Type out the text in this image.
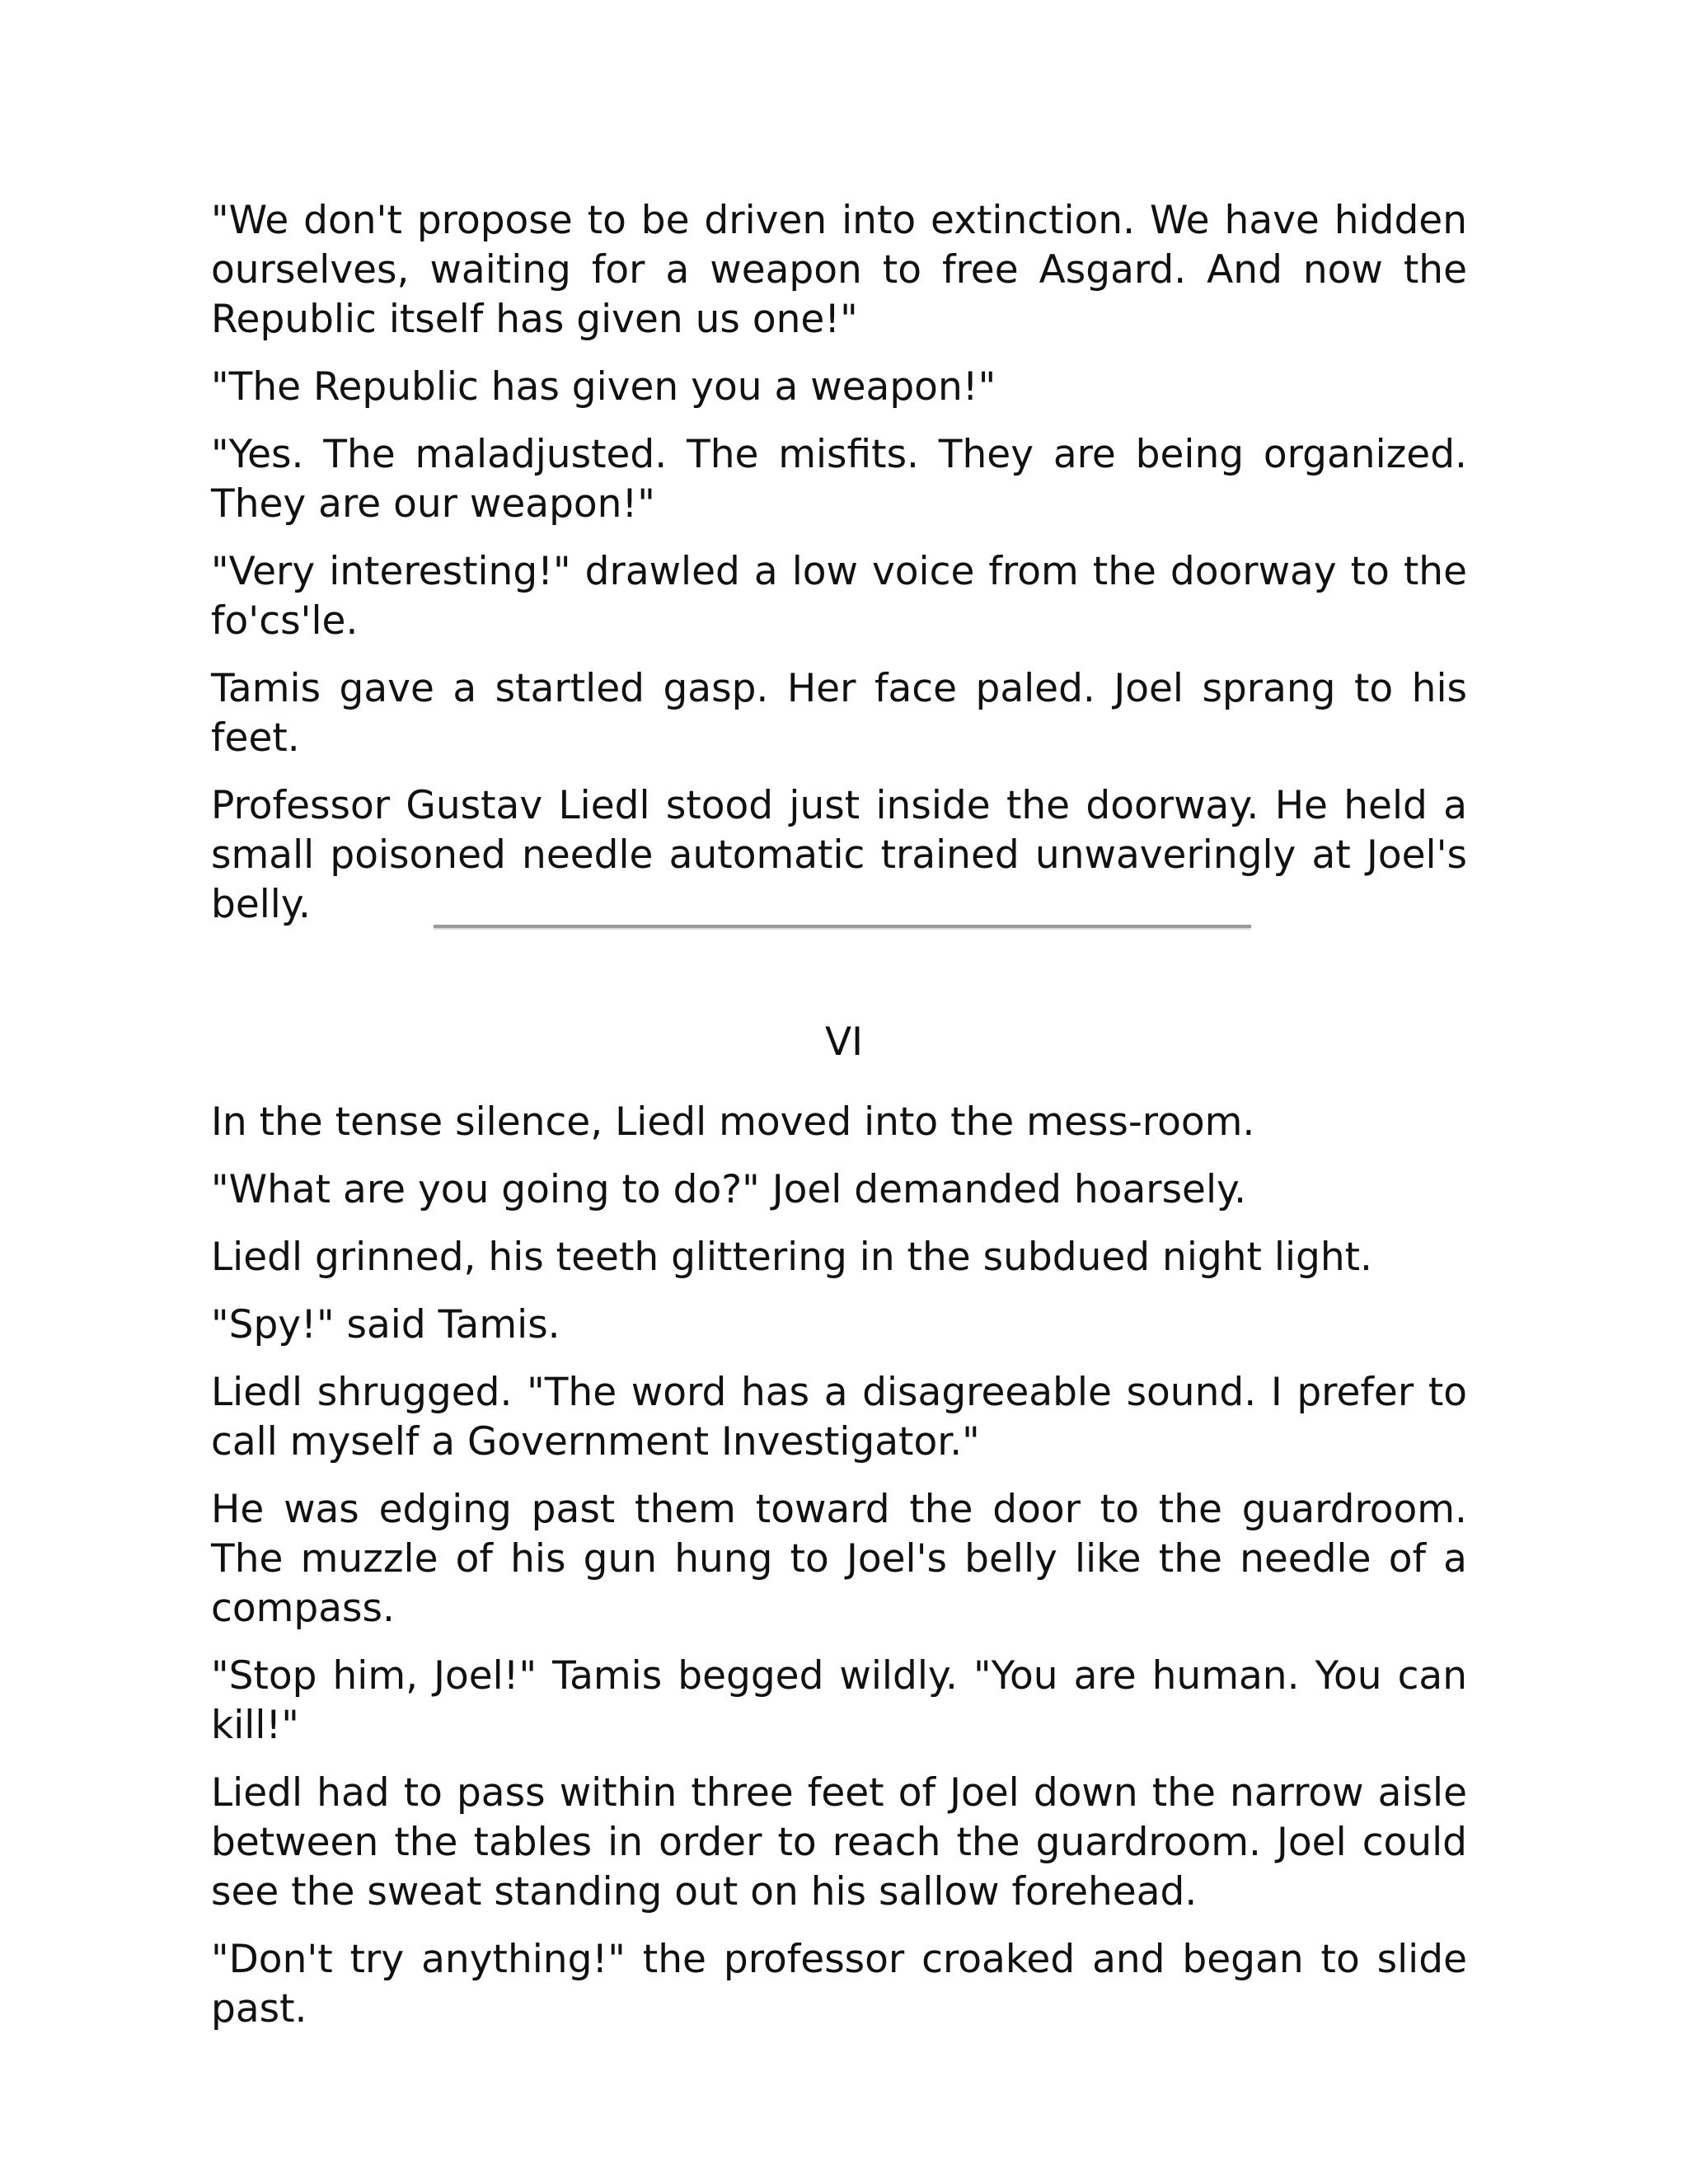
"We don't propose to be driven into extinction. We have hidden ourselves, waiting for a weapon to free Asgard. And now the Republic itself has given us one!"

"The Republic has given you a weapon!"

"Yes. The maladjusted. The misfits. They are being organized. They are our weapon!"

"Very interesting!" drawled a low voice from the doorway to the fo'cs'le.

Tamis gave a startled gasp. Her face paled. Joel sprang to his feet.

Professor Gustav Liedl stood just inside the doorway. He held a small poisoned needle automatic trained unwaveringly at Joel's belly.

VI

In the tense silence, Liedl moved into the mess-room.

"What are you going to do?" Joel demanded hoarsely.

Liedl grinned, his teeth glittering in the subdued night light.

"Spy!" said Tamis.

Liedl shrugged. "The word has a disagreeable sound. I prefer to call myself a Government Investigator."

He was edging past them toward the door to the guardroom. The muzzle of his gun hung to Joel's belly like the needle of a compass.

"Stop him, Joel!" Tamis begged wildly. "You are human. You can kill!"

Liedl had to pass within three feet of Joel down the narrow aisle between the tables in order to reach the guardroom. Joel could see the sweat standing out on his sallow forehead.

"Don't try anything!" the professor croaked and began to slide past.
